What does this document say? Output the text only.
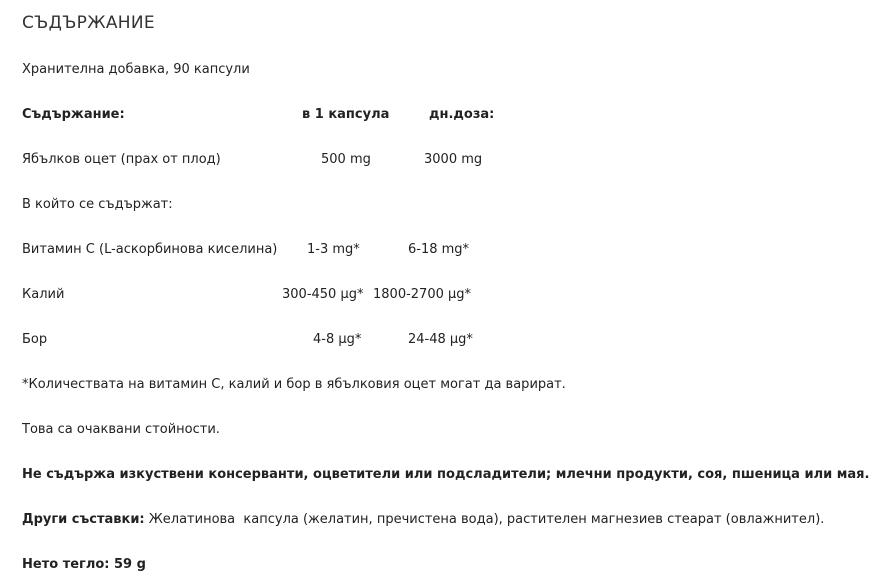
СЪДЪРЖАНИЕ
Хранителна добавка, 90 капсули
Съдържание:	в 1 капсула	дн.доза:
Ябълков оцет (прах от плод)	500 mg	3000 mg
В който се съдържат:
Витамин С (L-аскорбинова киселина) 1-3 mg*	6-18 mg*
Калий	300-450 µg* 1800-2700 µg*
Бор	4-8 µg*	24-48 µg*
*Количествата на витамин С, калий и бор в ябълковия оцет могат да варират.
Това са очаквани стойности.
Не съдържа изкуствени консерванти, оцветители или подсладители; млечни продукти, соя, пшеница или мая.
Други съставки: Желатинова  капсула (желатин, пречистена вода), растителен магнезиев стеарат (овлажнител).
Нето тегло: 59 g
